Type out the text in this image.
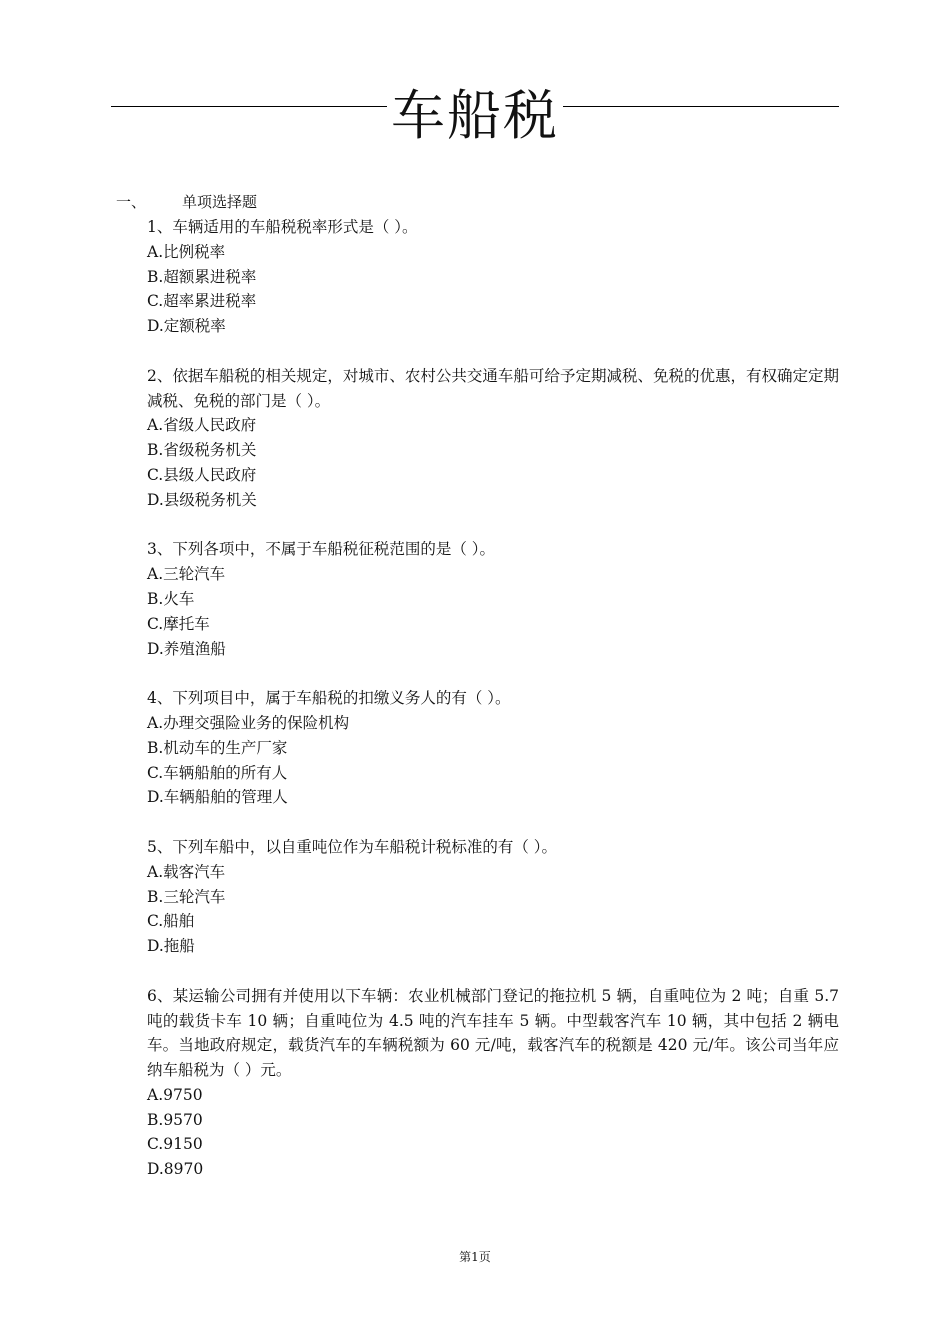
车船税
一、 单项选择题

1、车辆适用的车船税税率形式是（ ）。

A.比例税率

B.超额累进税率

C.超率累进税率

D.定额税率

2、依据车船税的相关规定，对城市、农村公共交通车船可给予定期减税、免税的优惠，有权确定定期减税、免税的部门是（ ）。

A.省级人民政府

B.省级税务机关

C.县级人民政府

D.县级税务机关

3、下列各项中，不属于车船税征税范围的是（ ）。

A.三轮汽车

B.火车

C.摩托车

D.养殖渔船

4、下列项目中，属于车船税的扣缴义务人的有（ ）。

A.办理交强险业务的保险机构

B.机动车的生产厂家

C.车辆船舶的所有人

D.车辆船舶的管理人

5、下列车船中，以自重吨位作为车船税计税标准的有（ ）。

A.载客汽车

B.三轮汽车

C.船舶

D.拖船

6、某运输公司拥有并使用以下车辆：农业机械部门登记的拖拉机 5 辆，自重吨位为 2 吨；自重 5.7 吨的载货卡车 10 辆；自重吨位为 4.5 吨的汽车挂车 5 辆。中型载客汽车 10 辆，其中包括 2 辆电车。当地政府规定，载货汽车的车辆税额为 60 元/吨，载客汽车的税额是 420 元/年。该公司当年应纳车船税为（ ）元。

A.9750

B.9570

C.9150

D.8970

第1页
